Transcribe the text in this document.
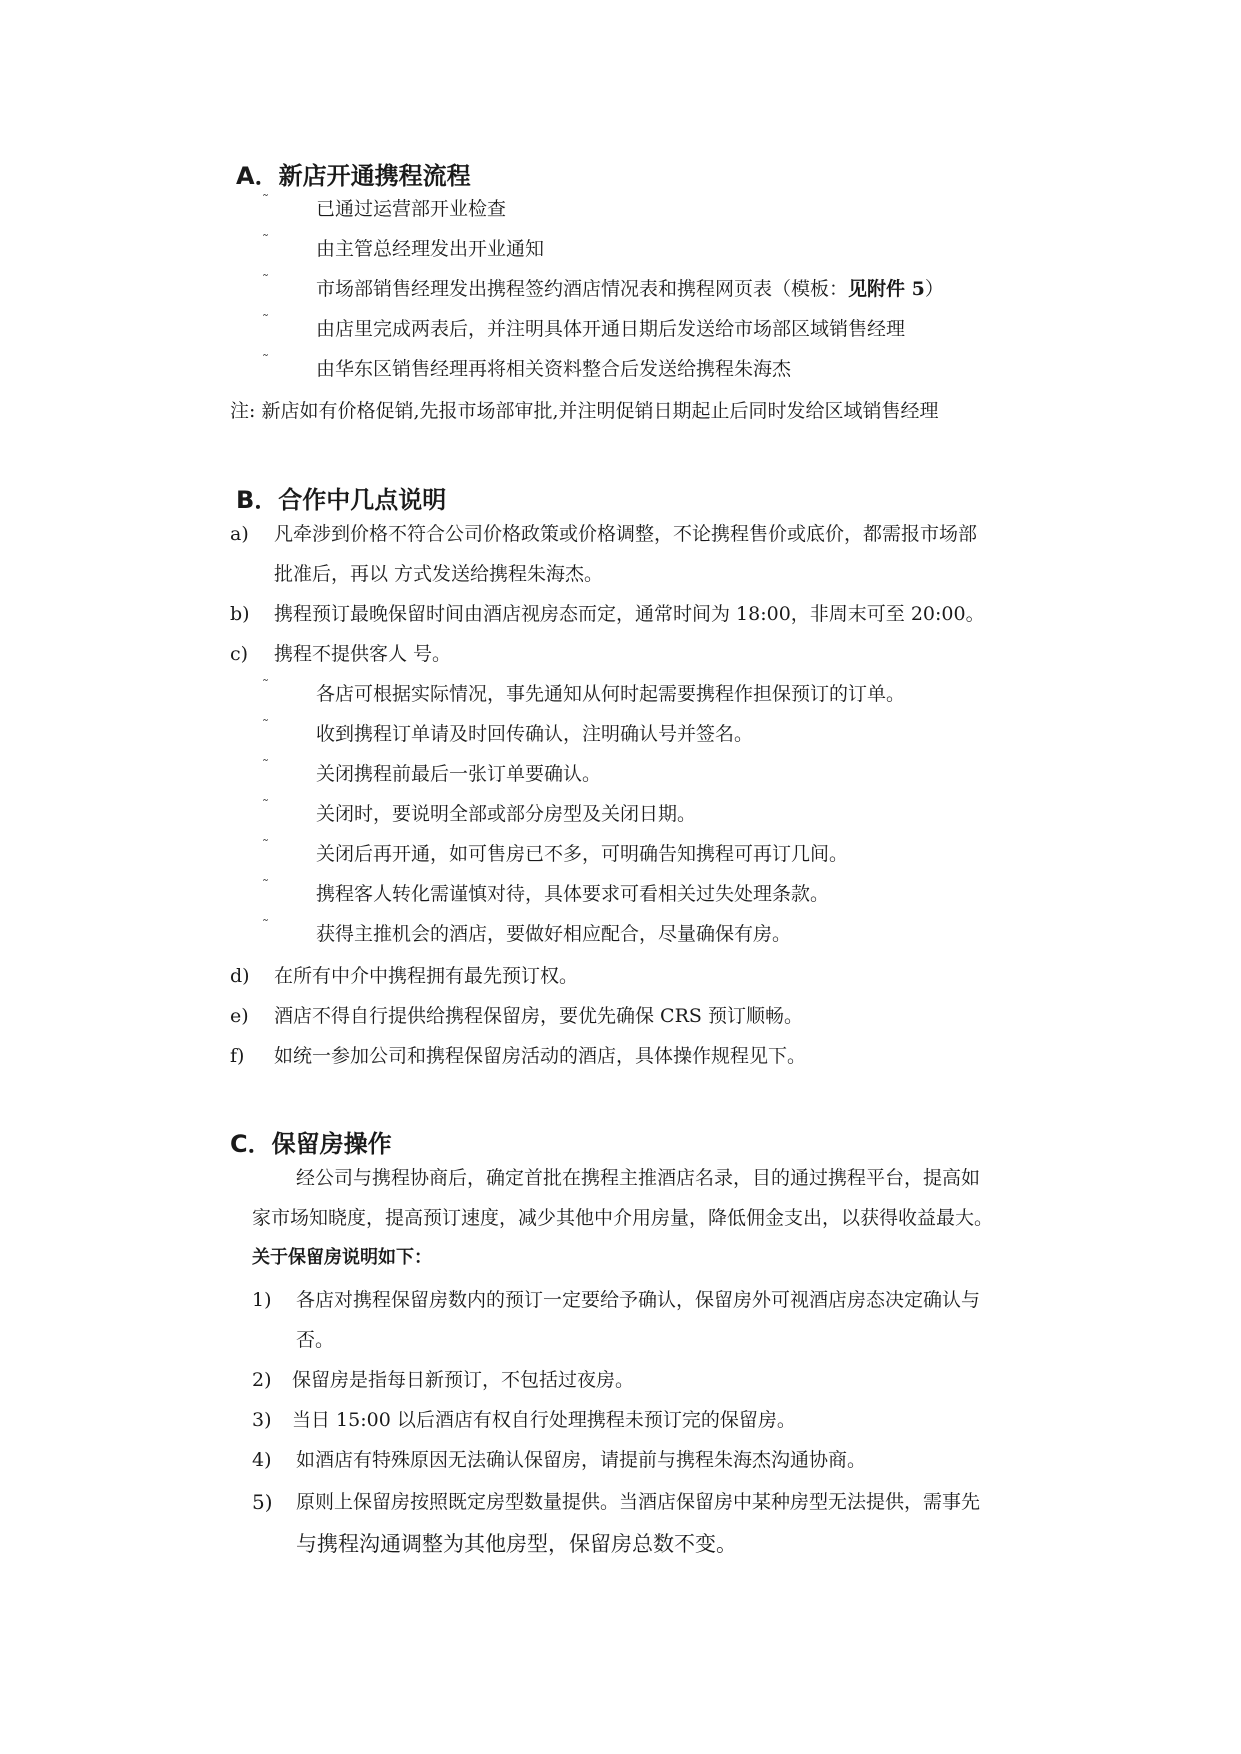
A．新店开通携程流程
˜ 已通过运营部开业检查
˜ 由主管总经理发出开业通知
˜ 市场部销售经理发出携程签约酒店情况表和携程网页表（模板：见附件 5）
˜ 由店里完成两表后，并注明具体开通日期后发送给市场部区域销售经理
˜ 由华东区销售经理再将相关资料整合后发送给携程朱海杰
注: 新店如有价格促销,先报市场部审批,并注明促销日期起止后同时发给区域销售经理
B．合作中几点说明
a) 凡牵涉到价格不符合公司价格政策或价格调整，不论携程售价或底价，都需报市场部
批准后，再以 方式发送给携程朱海杰。
b) 携程预订最晚保留时间由酒店视房态而定，通常时间为 18:00，非周末可至 20:00。
c) 携程不提供客人 号。
˜ 各店可根据实际情况，事先通知从何时起需要携程作担保预订的订单。
˜ 收到携程订单请及时回传确认，注明确认号并签名。
˜ 关闭携程前最后一张订单要确认。
˜ 关闭时，要说明全部或部分房型及关闭日期。
˜ 关闭后再开通，如可售房已不多，可明确告知携程可再订几间。
˜ 携程客人转化需谨慎对待，具体要求可看相关过失处理条款。
˜ 获得主推机会的酒店，要做好相应配合，尽量确保有房。
d) 在所有中介中携程拥有最先预订权。
e) 酒店不得自行提供给携程保留房，要优先确保 CRS 预订顺畅。
f) 如统一参加公司和携程保留房活动的酒店，具体操作规程见下。
C．保留房操作
经公司与携程协商后，确定首批在携程主推酒店名录，目的通过携程平台，提高如
家市场知晓度，提高预订速度，减少其他中介用房量，降低佣金支出，以获得收益最大。
关于保留房说明如下：
1) 各店对携程保留房数内的预订一定要给予确认，保留房外可视酒店房态决定确认与
否。
2) 保留房是指每日新预订，不包括过夜房。
3) 当日 15:00 以后酒店有权自行处理携程未预订完的保留房。
4) 如酒店有特殊原因无法确认保留房，请提前与携程朱海杰沟通协商。
5) 原则上保留房按照既定房型数量提供。当酒店保留房中某种房型无法提供，需事先
与携程沟通调整为其他房型，保留房总数不变。
